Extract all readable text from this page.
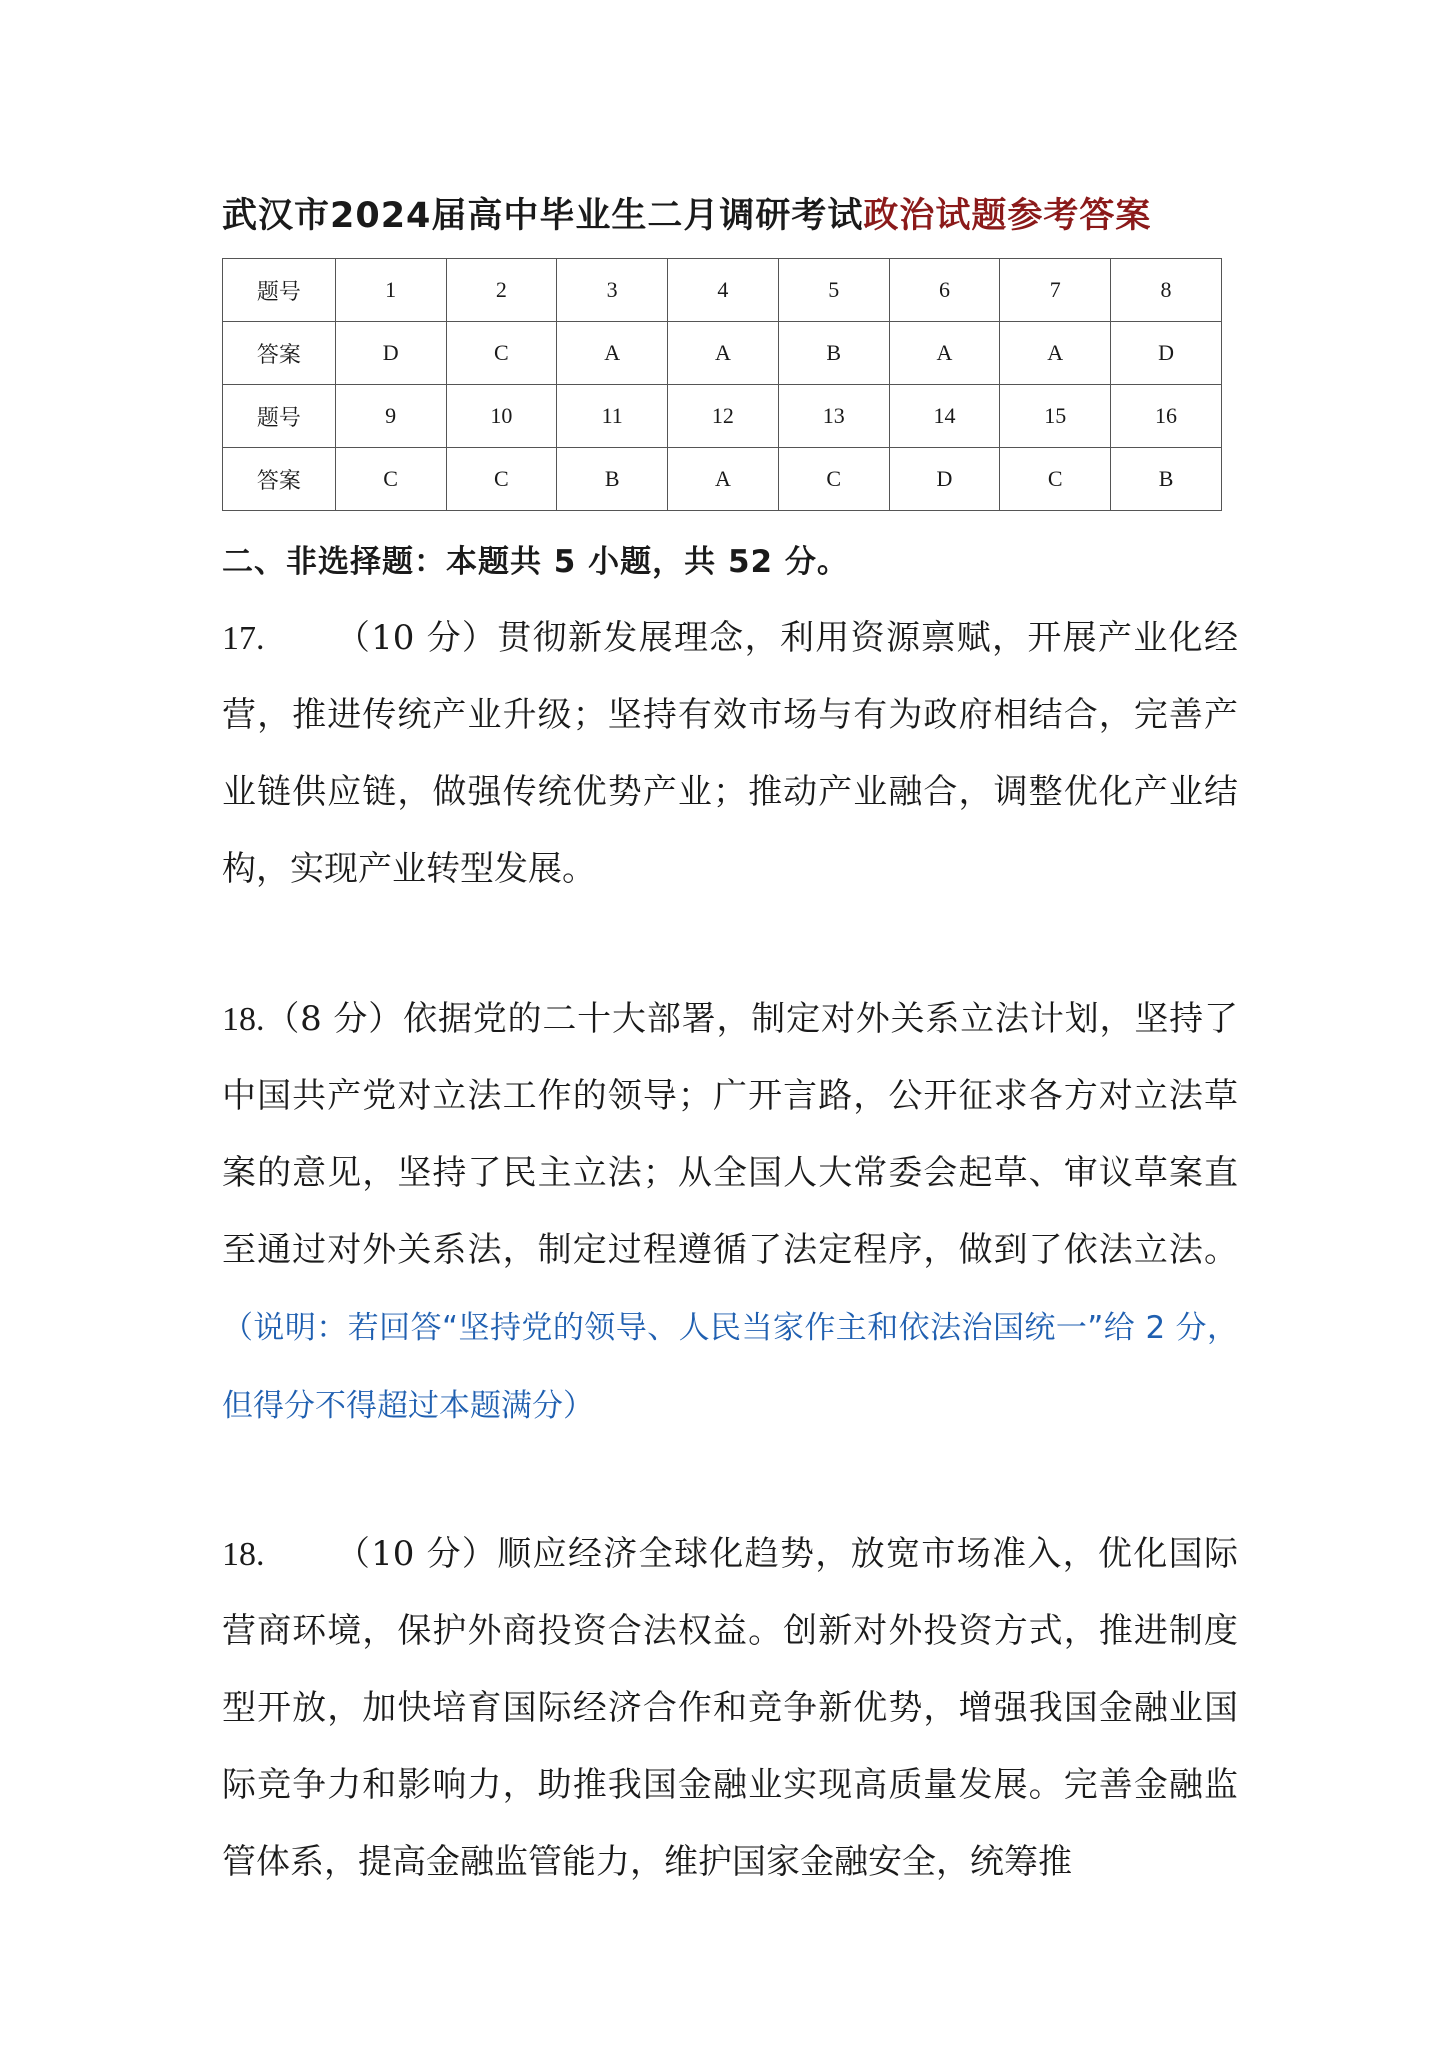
武汉市2024届高中毕业生二月调研考试政治试题参考答案
题号	1	2	3	4	5	6	7	8
答案	D	C	A	A	B	A	A	D
题号	9	10	11	12	13	14	15	16
答案	C	C	B	A	C	D	C	B
二、非选择题：本题共 5 小题，共 52 分。
17. （10 分）贯彻新发展理念，利用资源禀赋，开展产业化经营，推进传统产业升级；坚持有效市场与有为政府相结合，完善产业链供应链，做强传统优势产业；推动产业融合，调整优化产业结构，实现产业转型发展。
18.（8 分）依据党的二十大部署，制定对外关系立法计划，坚持了中国共产党对立法工作的领导；广开言路，公开征求各方对立法草案的意见，坚持了民主立法；从全国人大常委会起草、审议草案直至通过对外关系法，制定过程遵循了法定程序，做到了依法立法。（说明：若回答“坚持党的领导、人民当家作主和依法治国统一”给 2 分，但得分不得超过本题满分）
18. （10 分）顺应经济全球化趋势，放宽市场准入，优化国际营商环境，保护外商投资合法权益。创新对外投资方式，推进制度型开放，加快培育国际经济合作和竞争新优势，增强我国金融业国际竞争力和影响力，助推我国金融业实现高质量发展。完善金融监管体系，提高金融监管能力，维护国家金融安全，统筹推
